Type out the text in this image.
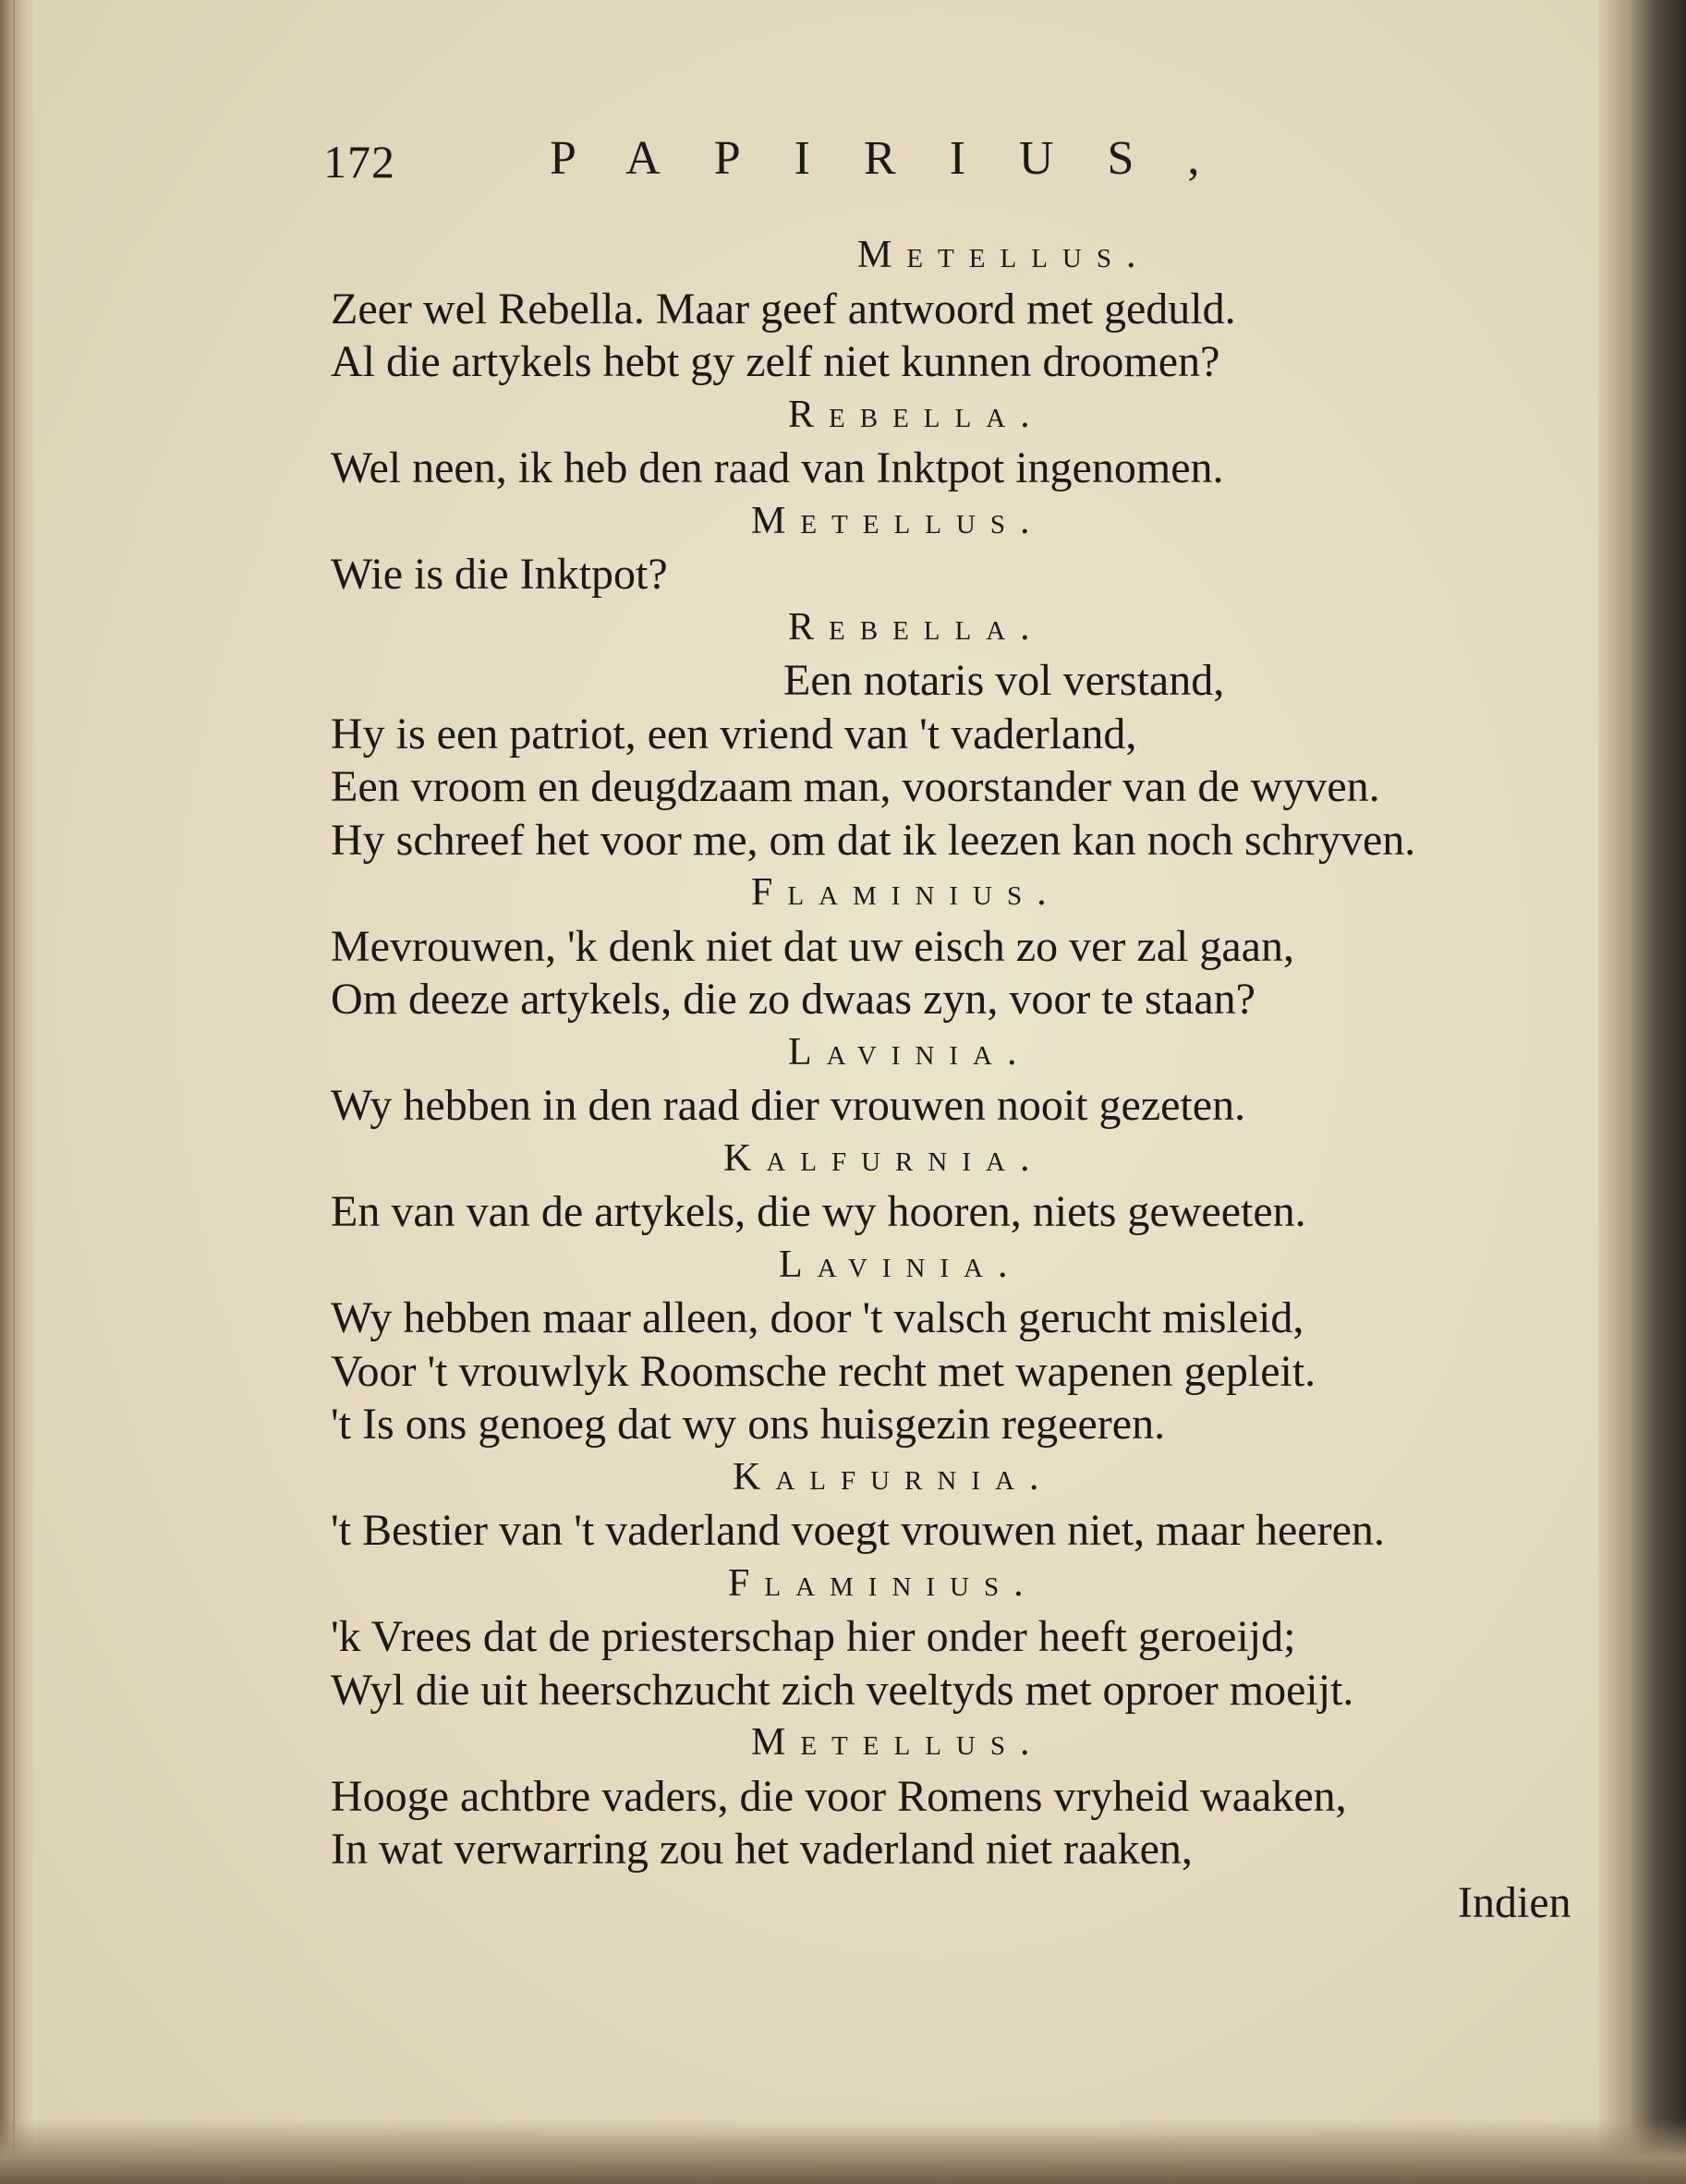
172	PAPIRIUS,
Metellus.
Zeer wel Rebella. Maar geef antwoord met geduld.
Al die artykels hebt gy zelf niet kunnen droomen?
Rebella.
Wel neen, ik heb den raad van Inktpot ingenomen.
Metellus.
Wie is die Inktpot?
Rebella.
Een notaris vol verstand,
Hy is een patriot, een vriend van 't vaderland,
Een vroom en deugdzaam man, voorstander van de wyven.
Hy schreef het voor me, om dat ik leezen kan noch schryven.
Flaminius.
Mevrouwen, 'k denk niet dat uw eisch zo ver zal gaan,
Om deeze artykels, die zo dwaas zyn, voor te staan?
Lavinia.
Wy hebben in den raad dier vrouwen nooit gezeten.
Kalfurnia.
En van van de artykels, die wy hooren, niets geweeten.
Lavinia.
Wy hebben maar alleen, door 't valsch gerucht misleid,
Voor 't vrouwlyk Roomsche recht met wapenen gepleit.
't Is ons genoeg dat wy ons huisgezin regeeren.
Kalfurnia.
't Bestier van 't vaderland voegt vrouwen niet, maar heeren.
Flaminius.
'k Vrees dat de priesterschap hier onder heeft geroeijd;
Wyl die uit heerschzucht zich veeltyds met oproer moeijt.
Metellus.
Hooge achtbre vaders, die voor Romens vryheid waaken,
In wat verwarring zou het vaderland niet raaken,
Indien
